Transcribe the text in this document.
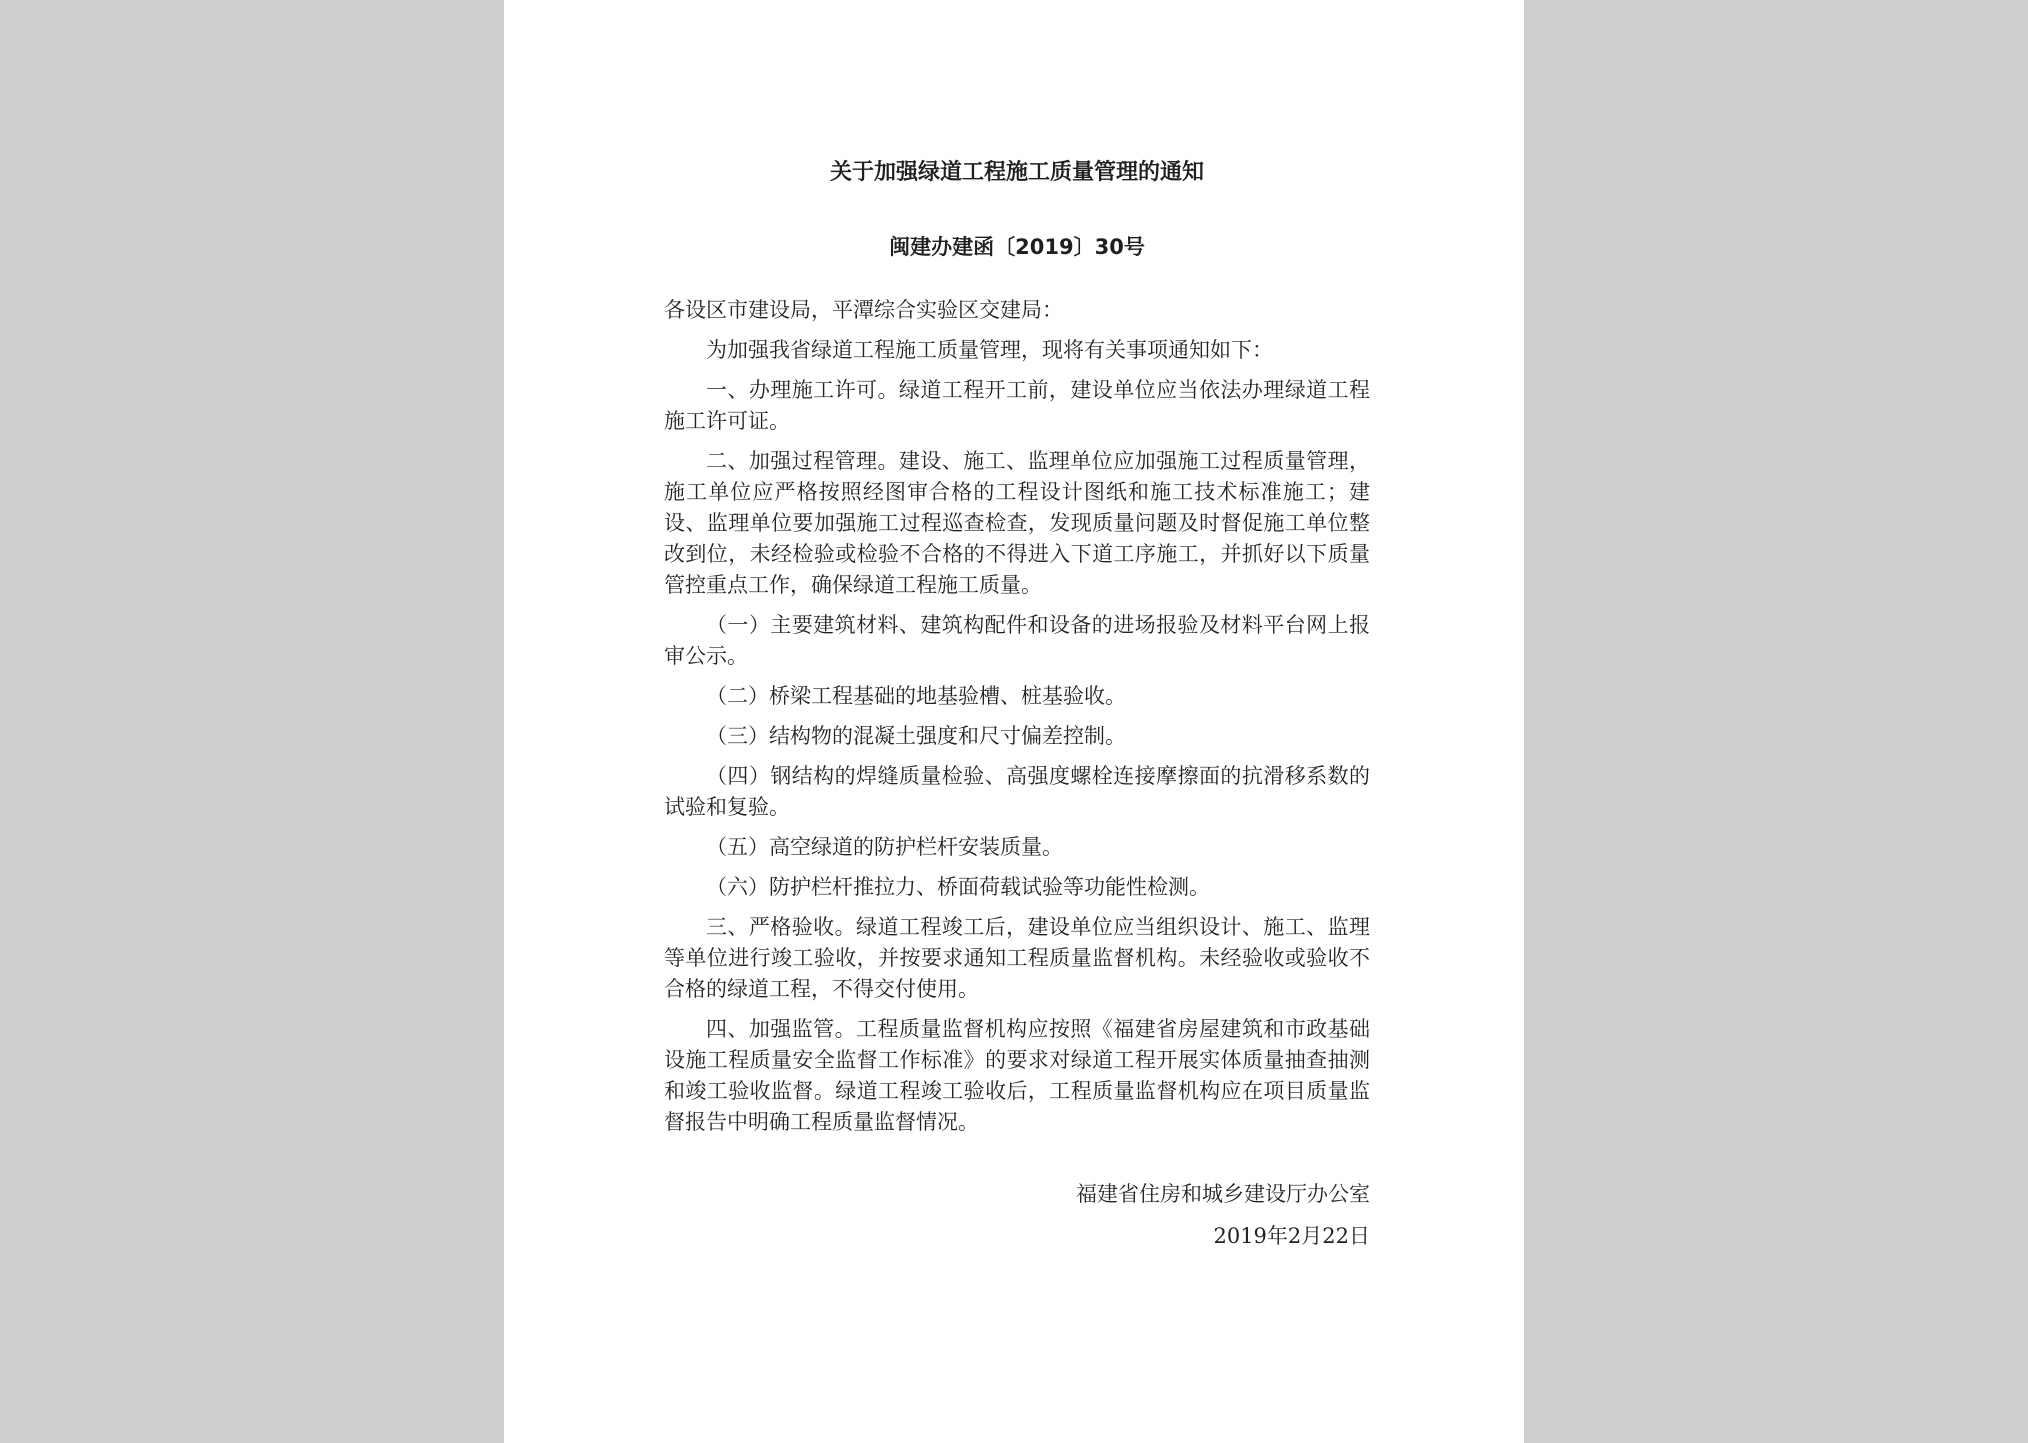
关于加强绿道工程施工质量管理的通知
闽建办建函〔2019〕30号

各设区市建设局，平潭综合实验区交建局：

为加强我省绿道工程施工质量管理，现将有关事项通知如下：

一、办理施工许可。绿道工程开工前，建设单位应当依法办理绿道工程施工许可证。

二、加强过程管理。建设、施工、监理单位应加强施工过程质量管理，施工单位应严格按照经图审合格的工程设计图纸和施工技术标准施工；建设、监理单位要加强施工过程巡查检查，发现质量问题及时督促施工单位整改到位，未经检验或检验不合格的不得进入下道工序施工，并抓好以下质量管控重点工作，确保绿道工程施工质量。

（一）主要建筑材料、建筑构配件和设备的进场报验及材料平台网上报审公示。

（二）桥梁工程基础的地基验槽、桩基验收。

（三）结构物的混凝土强度和尺寸偏差控制。

（四）钢结构的焊缝质量检验、高强度螺栓连接摩擦面的抗滑移系数的试验和复验。

（五）高空绿道的防护栏杆安装质量。

（六）防护栏杆推拉力、桥面荷载试验等功能性检测。

三、严格验收。绿道工程竣工后，建设单位应当组织设计、施工、监理等单位进行竣工验收，并按要求通知工程质量监督机构。未经验收或验收不合格的绿道工程，不得交付使用。

四、加强监管。工程质量监督机构应按照《福建省房屋建筑和市政基础设施工程质量安全监督工作标准》的要求对绿道工程开展实体质量抽查抽测和竣工验收监督。绿道工程竣工验收后，工程质量监督机构应在项目质量监督报告中明确工程质量监督情况。

福建省住房和城乡建设厅办公室

2019年2月22日
